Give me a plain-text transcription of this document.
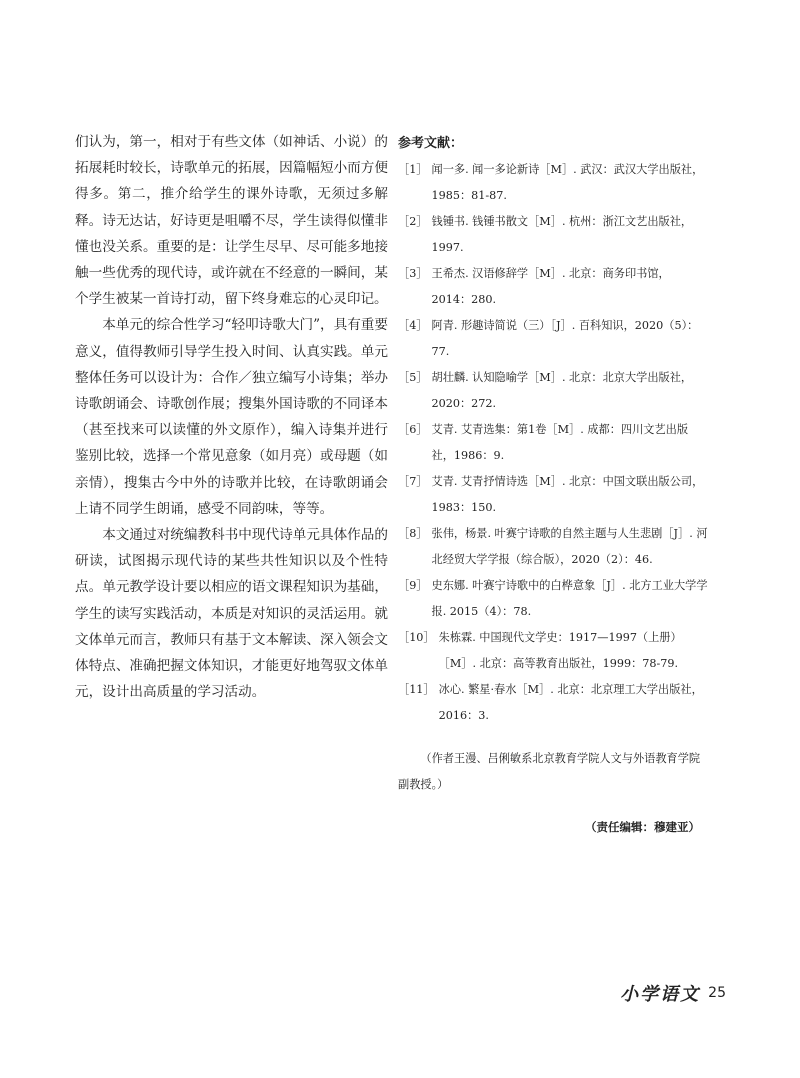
们认为，第一，相对于有些文体（如神话、小说）的拓展耗时较长，诗歌单元的拓展，因篇幅短小而方便得多。第二，推介给学生的课外诗歌，无须过多解释。诗无达诂，好诗更是咀嚼不尽，学生读得似懂非懂也没关系。重要的是：让学生尽早、尽可能多地接触一些优秀的现代诗，或许就在不经意的一瞬间，某个学生被某一首诗打动，留下终身难忘的心灵印记。

本单元的综合性学习“轻叩诗歌大门”，具有重要意义，值得教师引导学生投入时间、认真实践。单元整体任务可以设计为：合作／独立编写小诗集；举办诗歌朗诵会、诗歌创作展；搜集外国诗歌的不同译本（甚至找来可以读懂的外文原作），编入诗集并进行鉴别比较，选择一个常见意象（如月亮）或母题（如亲情），搜集古今中外的诗歌并比较，在诗歌朗诵会上请不同学生朗诵，感受不同韵味，等等。

本文通过对统编教科书中现代诗单元具体作品的研读，试图揭示现代诗的某些共性知识以及个性特点。单元教学设计要以相应的语文课程知识为基础，学生的读写实践活动，本质是对知识的灵活运用。就文体单元而言，教师只有基于文本解读、深入领会文体特点、准确把握文体知识，才能更好地驾驭文体单元，设计出高质量的学习活动。

参考文献：
［1］ 闻一多. 闻一多论新诗［M］. 武汉：武汉大学出版社，1985：81-87.
［2］ 钱锺书. 钱锺书散文［M］. 杭州：浙江文艺出版社，1997.
［3］ 王希杰. 汉语修辞学［M］. 北京：商务印书馆，2014：280.
［4］ 阿青. 形趣诗简说（三）［J］. 百科知识，2020（5）：77.
［5］ 胡壮麟. 认知隐喻学［M］. 北京：北京大学出版社，2020：272.
［6］ 艾青. 艾青选集：第1卷［M］. 成都：四川文艺出版社，1986：9.
［7］ 艾青. 艾青抒情诗选［M］. 北京：中国文联出版公司，1983：150.
［8］ 张伟，杨景. 叶赛宁诗歌的自然主题与人生悲剧［J］. 河北经贸大学学报（综合版），2020（2）：46.
［9］ 史东娜. 叶赛宁诗歌中的白桦意象［J］. 北方工业大学学报. 2015（4）：78.
［10］ 朱栋霖. 中国现代文学史：1917—1997（上册）［M］. 北京：高等教育出版社，1999：78-79.
［11］ 冰心. 繁星·春水［M］. 北京：北京理工大学出版社，2016：3.

（作者王漫、吕俐敏系北京教育学院人文与外语教育学院副教授。）

（责任编辑：穆建亚）

小学语文 25
